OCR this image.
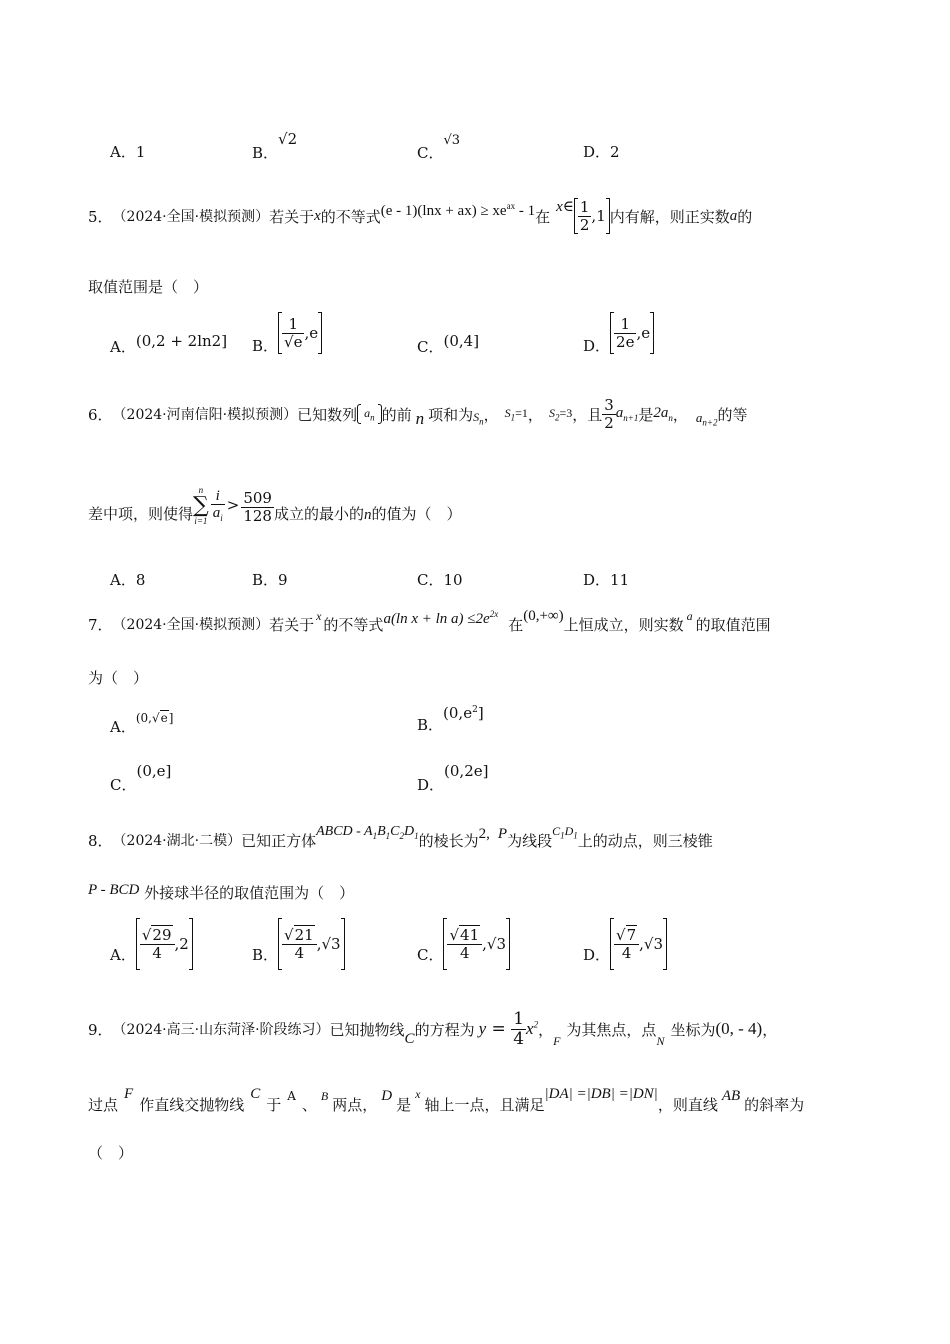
A．1	B．√2
C．√3
D．2
5． （2024·全国·模拟预测） 若关于 x 的不等式 $(e - 1)(\ln x + ax) \ge xe^{ax} - 1$ 在
x∈ $\frac{1}{2} ,1$ 内有解，则正实数 a 的
取值范围是（　）
A． (0,2 + 2ln2] B． $\frac{1}{√e} ,e$
C． (0,4]	D． $\frac{1}{2e} ,e$
6． （2024·河南信阳·模拟预测） 已知数列 $a_n$ 的前 n 项和为 $S_n$ ， $S_1=1$ ， $S_2=3$ ，且 $\frac{3}{2} a_{n+1}$ 是 $2a_n$ ， $a_{n+2}$ 的等
差中项，则使得
n
∑
$i=1 \frac{i}{a_i} > \frac{509}{128}$ 成立的最小的 n 的值为（　）
A．8	B．9	C．10	D．11
7． （2024·全国·模拟预测） 若关于 x 的不等式 a(ln $x + \ln a) \le 2e^{2x}$
在 (0,+∞) 上恒成立，则实数 a 的取值范围
为（　）
A．(0,√e]	B．$(0,e^2]$
C．(0,e]
D．(0,2e]
8． （2024·湖北·二模） 已知正方体
ABCD - $A_1B_1C_2D_1$ 的棱长为 2, P 为线段
$C_1D_1$ 上的动点，则三棱锥
P - BCD 外接球半径的取值范围为（　）
A． $\frac{√29}{4} ,2$
B． $\frac{√21}{4} ,√3$
C． $\frac{√41}{4} ,√3$
D． $\frac{√7}{4} ,√3$
9． （2024·高三·山东菏泽·阶段练习） 已知抛物线 C 的方程为 $y = \frac{1}{4} x^2$ ，
F
为其焦点，点
N
坐标为 (0, - 4) ，
过点
F
作直线交抛物线
C
于 A 、 B 两点， D 是
x
轴上一点，且满足
|DA| =|DB| =|DN|
，则直线 AB 的斜率为
（　）
